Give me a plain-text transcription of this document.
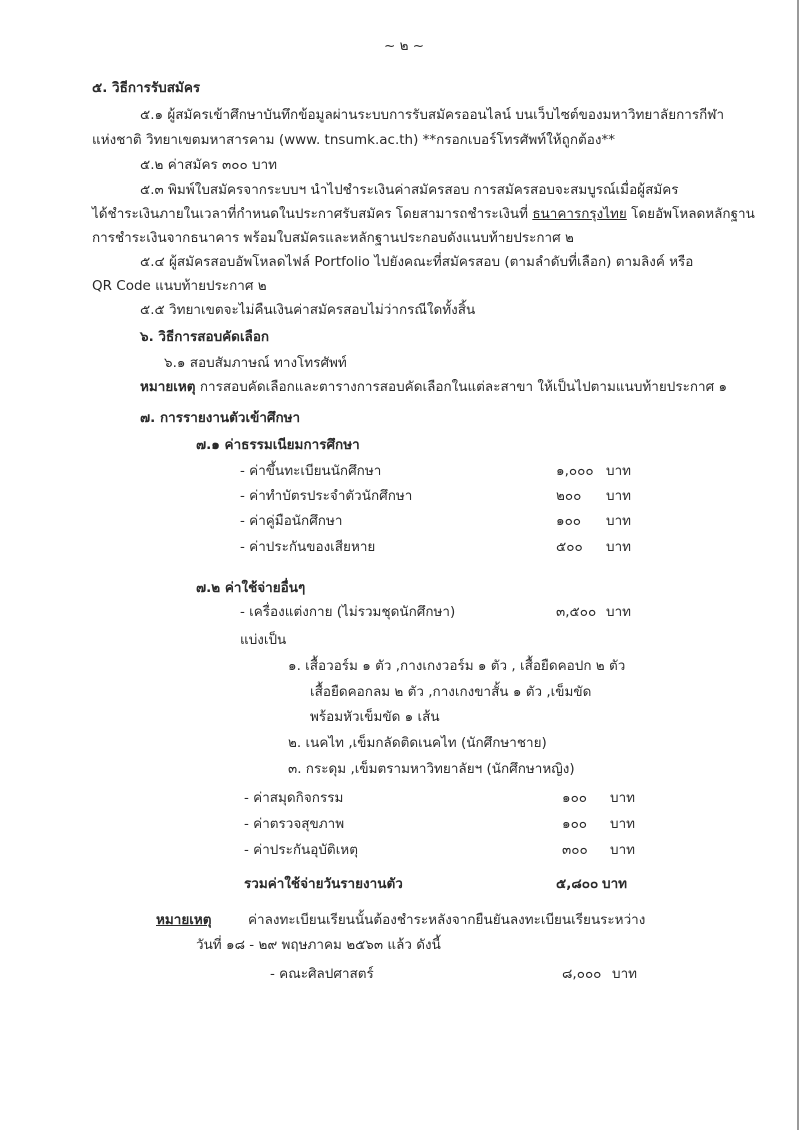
~ ๒ ~
๕. วิธีการรับสมัคร
๕.๑ ผู้สมัครเข้าศึกษาบันทึกข้อมูลผ่านระบบการรับสมัครออนไลน์ บนเว็บไซต์ของมหาวิทยาลัยการกีฬา
แห่งชาติ วิทยาเขตมหาสารคาม (www. tnsumk.ac.th) **กรอกเบอร์โทรศัพท์ให้ถูกต้อง**
๕.๒ ค่าสมัคร ๓๐๐ บาท
๕.๓ พิมพ์ใบสมัครจากระบบฯ นำไปชำระเงินค่าสมัครสอบ การสมัครสอบจะสมบูรณ์เมื่อผู้สมัคร
ได้ชำระเงินภายในเวลาที่กำหนดในประกาศรับสมัคร โดยสามารถชำระเงินที่ ธนาคารกรุงไทย โดยอัพโหลดหลักฐาน
การชำระเงินจากธนาคาร พร้อมใบสมัครและหลักฐานประกอบดังแนบท้ายประกาศ ๒
๕.๔ ผู้สมัครสอบอัพโหลดไฟล์ Portfolio ไปยังคณะที่สมัครสอบ (ตามลำดับที่เลือก) ตามลิงค์ หรือ
QR Code แนบท้ายประกาศ ๒
๕.๕ วิทยาเขตจะไม่คืนเงินค่าสมัครสอบไม่ว่ากรณีใดทั้งสิ้น
๖. วิธีการสอบคัดเลือก
๖.๑ สอบสัมภาษณ์ ทางโทรศัพท์
หมายเหตุ การสอบคัดเลือกและตารางการสอบคัดเลือกในแต่ละสาขา ให้เป็นไปตามแนบท้ายประกาศ ๑
๗. การรายงานตัวเข้าศึกษา
๗.๑ ค่าธรรมเนียมการศึกษา
- ค่าขึ้นทะเบียนนักศึกษา	๑,๐๐๐ บาท
- ค่าทำบัตรประจำตัวนักศึกษา	๒๐๐ บาท
- ค่าคู่มือนักศึกษา	๑๐๐ บาท
- ค่าประกันของเสียหาย	๕๐๐ บาท
๗.๒ ค่าใช้จ่ายอื่นๆ
- เครื่องแต่งกาย (ไม่รวมชุดนักศึกษา)	๓,๕๐๐ บาท
แบ่งเป็น
๑. เสื้อวอร์ม ๑ ตัว ,กางเกงวอร์ม ๑ ตัว , เสื้อยืดคอปก ๒ ตัว
เสื้อยืดคอกลม ๒ ตัว ,กางเกงขาสั้น ๑ ตัว ,เข็มขัด
พร้อมหัวเข็มขัด ๑ เส้น
๒. เนคไท ,เข็มกลัดติดเนคไท (นักศึกษาชาย)
๓. กระดุม ,เข็มตรามหาวิทยาลัยฯ (นักศึกษาหญิง)
- ค่าสมุดกิจกรรม	๑๐๐ บาท
- ค่าตรวจสุขภาพ	๑๐๐ บาท
- ค่าประกันอุบัติเหตุ	๓๐๐ บาท
รวมค่าใช้จ่ายวันรายงานตัว	๕,๘๐๐ บาท
หมายเหตุ	ค่าลงทะเบียนเรียนนั้นต้องชำระหลังจากยืนยันลงทะเบียนเรียนระหว่าง
วันที่ ๑๘ - ๒๙ พฤษภาคม ๒๕๖๓ แล้ว ดังนี้
- คณะศิลปศาสตร์	๘,๐๐๐ บาท
